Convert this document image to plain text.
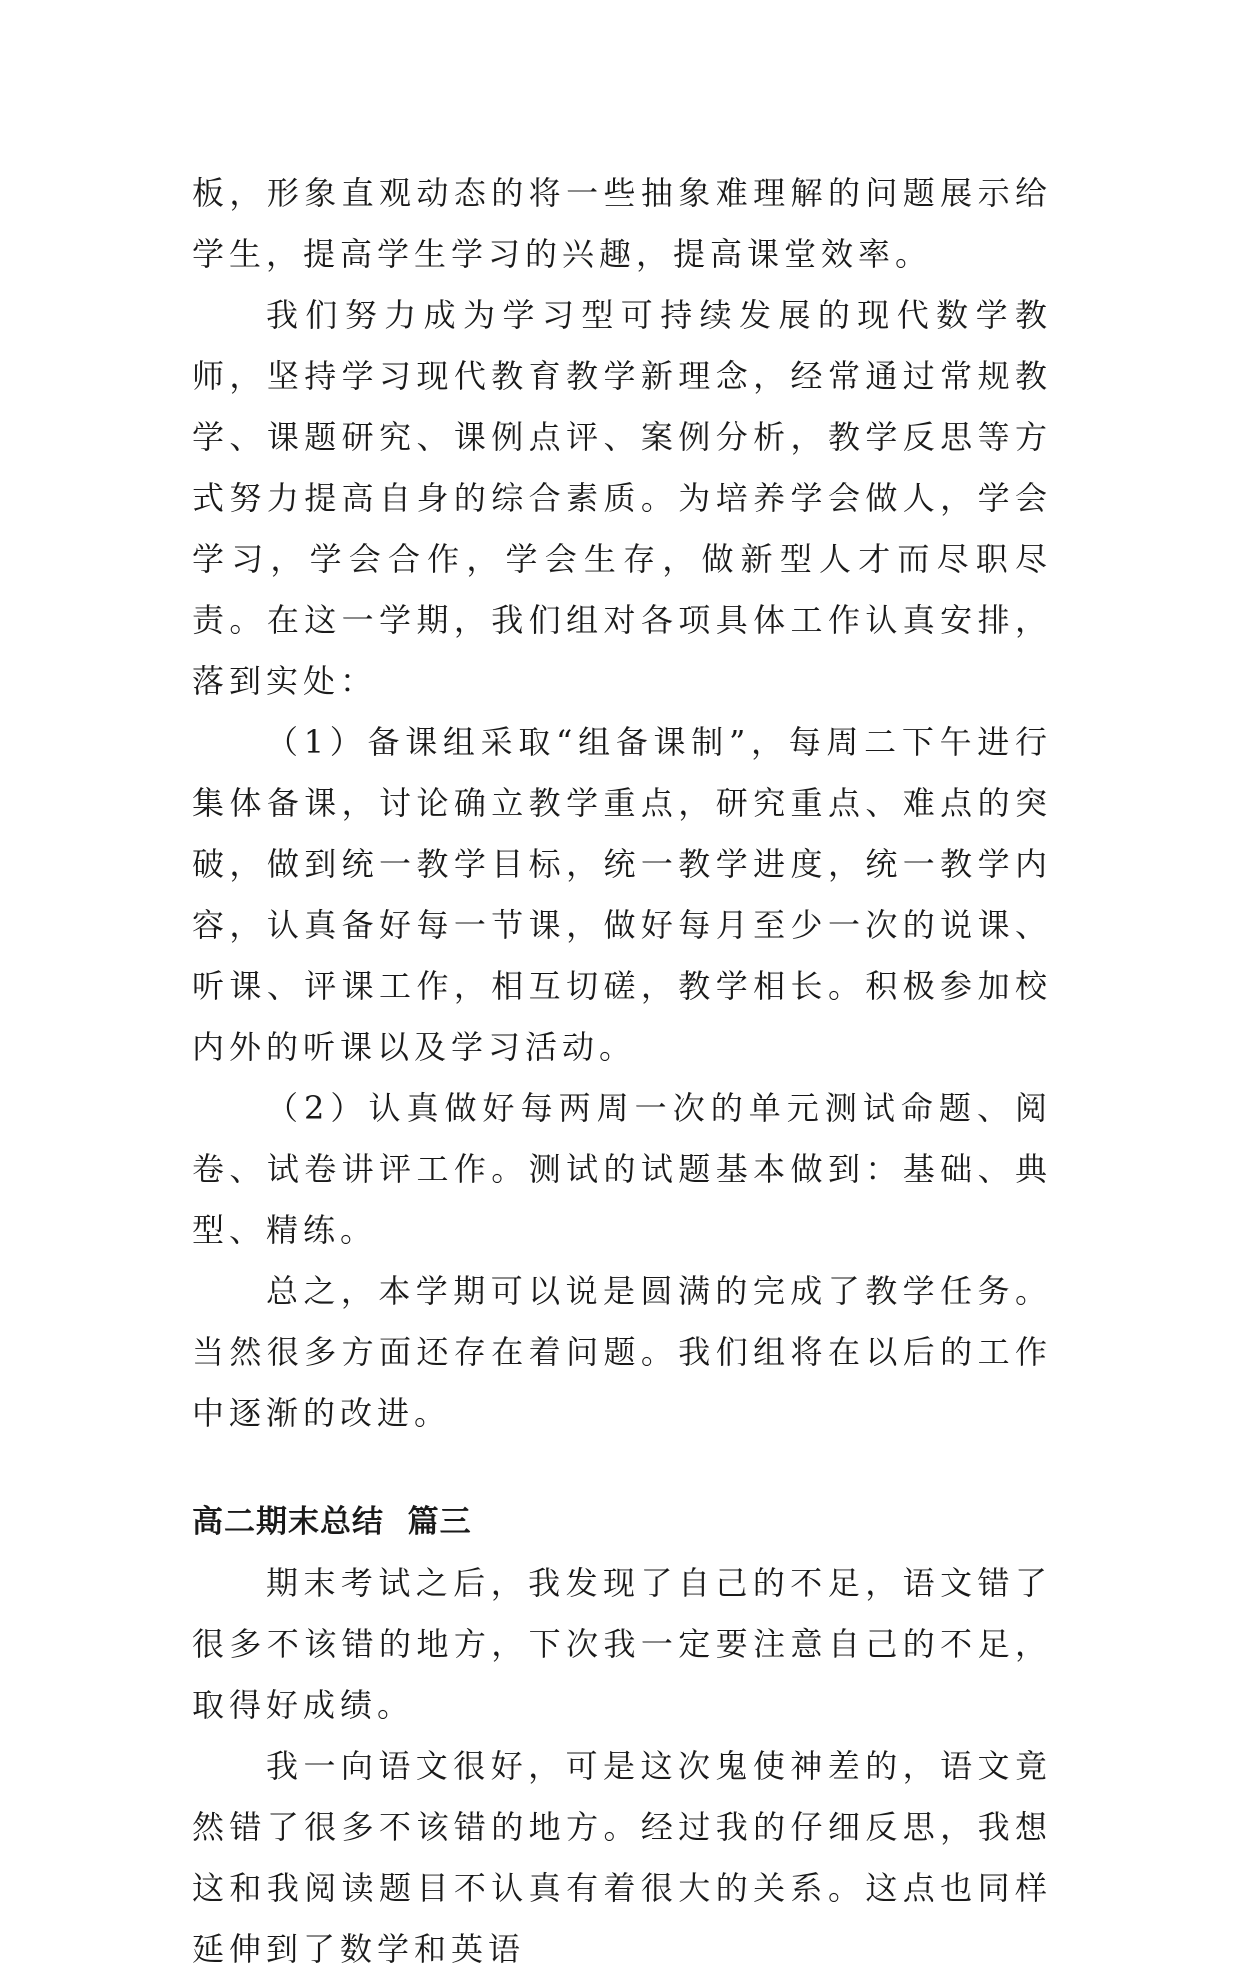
板，形象直观动态的将一些抽象难理解的问题展示给学生，提高学生学习的兴趣，提高课堂效率。

我们努力成为学习型可持续发展的现代数学教师，坚持学习现代教育教学新理念，经常通过常规教学、课题研究、课例点评、案例分析，教学反思等方式努力提高自身的综合素质。为培养学会做人，学会学习，学会合作，学会生存，做新型人才而尽职尽责。在这一学期，我们组对各项具体工作认真安排，落到实处：

（1）备课组采取“组备课制”，每周二下午进行集体备课，讨论确立教学重点，研究重点、难点的突破，做到统一教学目标，统一教学进度，统一教学内容，认真备好每一节课，做好每月至少一次的说课、听课、评课工作，相互切磋，教学相长。积极参加校内外的听课以及学习活动。

（2）认真做好每两周一次的单元测试命题、阅卷、试卷讲评工作。测试的试题基本做到：基础、典型、精练。

总之，本学期可以说是圆满的完成了教学任务。当然很多方面还存在着问题。我们组将在以后的工作中逐渐的改进。

高二期末总结  篇三

期末考试之后，我发现了自己的不足，语文错了很多不该错的地方，下次我一定要注意自己的不足，取得好成绩。

我一向语文很好，可是这次鬼使神差的，语文竟然错了很多不该错的地方。经过我的仔细反思，我想这和我阅读题目不认真有着很大的关系。这点也同样延伸到了数学和英语
